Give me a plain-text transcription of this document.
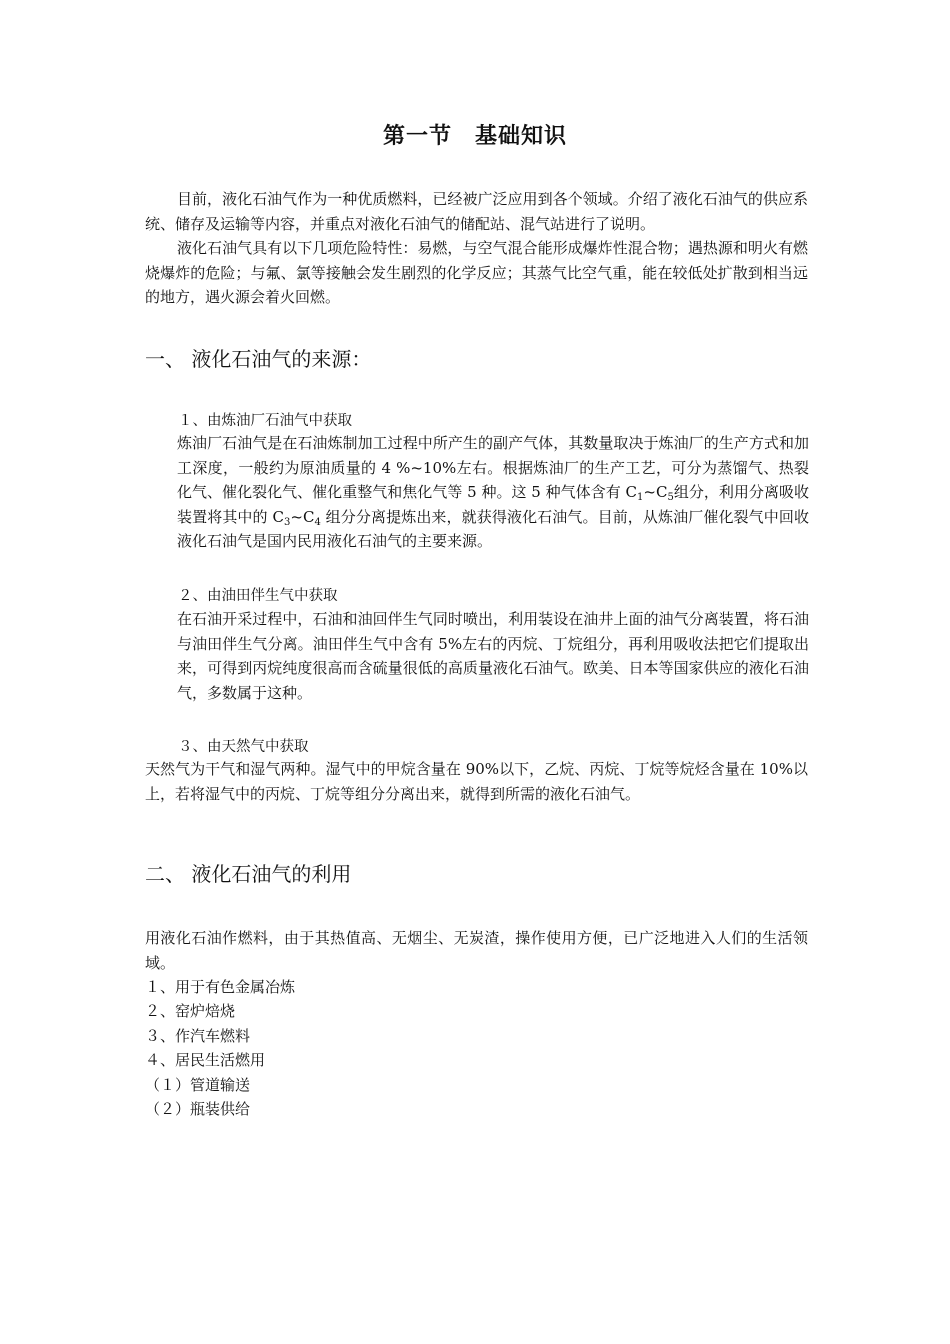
第一节　基础知识
目前，液化石油气作为一种优质燃料，已经被广泛应用到各个领域。介绍了液化石油气的供应系统、储存及运输等内容，并重点对液化石油气的储配站、混气站进行了说明。
液化石油气具有以下几项危险特性：易燃，与空气混合能形成爆炸性混合物；遇热源和明火有燃烧爆炸的危险；与氟、氯等接触会发生剧烈的化学反应；其蒸气比空气重，能在较低处扩散到相当远的地方，遇火源会着火回燃。
一、 液化石油气的来源：
１、由炼油厂石油气中获取
炼油厂石油气是在石油炼制加工过程中所产生的副产气体，其数量取决于炼油厂的生产方式和加工深度，一般约为原油质量的 4 %~10%左右。根据炼油厂的生产工艺，可分为蒸馏气、热裂化气、催化裂化气、催化重整气和焦化气等 5 种。这 5 种气体含有 $C_1\sim C_5$组分，利用分离吸收装置将其中的 $C_3\sim C_4$ 组分分离提炼出来，就获得液化石油气。目前，从炼油厂催化裂气中回收液化石油气是国内民用液化石油气的主要来源。
２、由油田伴生气中获取
在石油开采过程中，石油和油回伴生气同时喷出，利用装设在油井上面的油气分离装置，将石油与油田伴生气分离。油田伴生气中含有 5%左右的丙烷、丁烷组分，再利用吸收法把它们提取出来，可得到丙烷纯度很高而含硫量很低的高质量液化石油气。欧美、日本等国家供应的液化石油气，多数属于这种。
３、由天然气中获取
天然气为干气和湿气两种。湿气中的甲烷含量在 90%以下，乙烷、丙烷、丁烷等烷烃含量在 10%以上，若将湿气中的丙烷、丁烷等组分分离出来，就得到所需的液化石油气。
二、 液化石油气的利用
用液化石油作燃料，由于其热值高、无烟尘、无炭渣，操作使用方便，已广泛地进入人们的生活领域。
１、用于有色金属冶炼
２、窑炉焙烧
３、作汽车燃料
４、居民生活燃用
（１）管道输送
（２）瓶装供给
